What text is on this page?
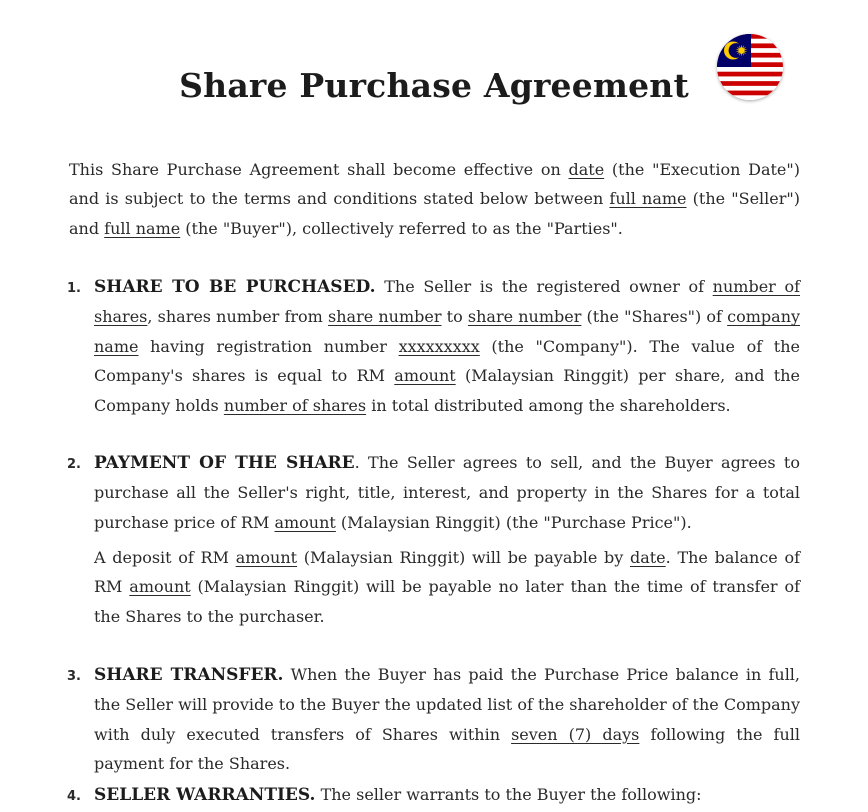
Share Purchase Agreement

This Share Purchase Agreement shall become effective on date (the "Execution Date") and is subject to the terms and conditions stated below between full name (the "Seller") and full name (the "Buyer"), collectively referred to as the "Parties".

1. SHARE TO BE PURCHASED. The Seller is the registered owner of number of shares, shares number from share number to share number (the "Shares") of company name having registration number xxxxxxxxx (the "Company"). The value of the Company's shares is equal to RM amount (Malaysian Ringgit) per share, and the Company holds number of shares in total distributed among the shareholders.

2. PAYMENT OF THE SHARE. The Seller agrees to sell, and the Buyer agrees to purchase all the Seller's right, title, interest, and property in the Shares for a total purchase price of RM amount (Malaysian Ringgit) (the "Purchase Price").

A deposit of RM amount (Malaysian Ringgit) will be payable by date. The balance of RM amount (Malaysian Ringgit) will be payable no later than the time of transfer of the Shares to the purchaser.

3. SHARE TRANSFER. When the Buyer has paid the Purchase Price balance in full, the Seller will provide to the Buyer the updated list of the shareholder of the Company with duly executed transfers of Shares within seven (7) days following the full payment for the Shares.

4. SELLER WARRANTIES. The seller warrants to the Buyer the following:
